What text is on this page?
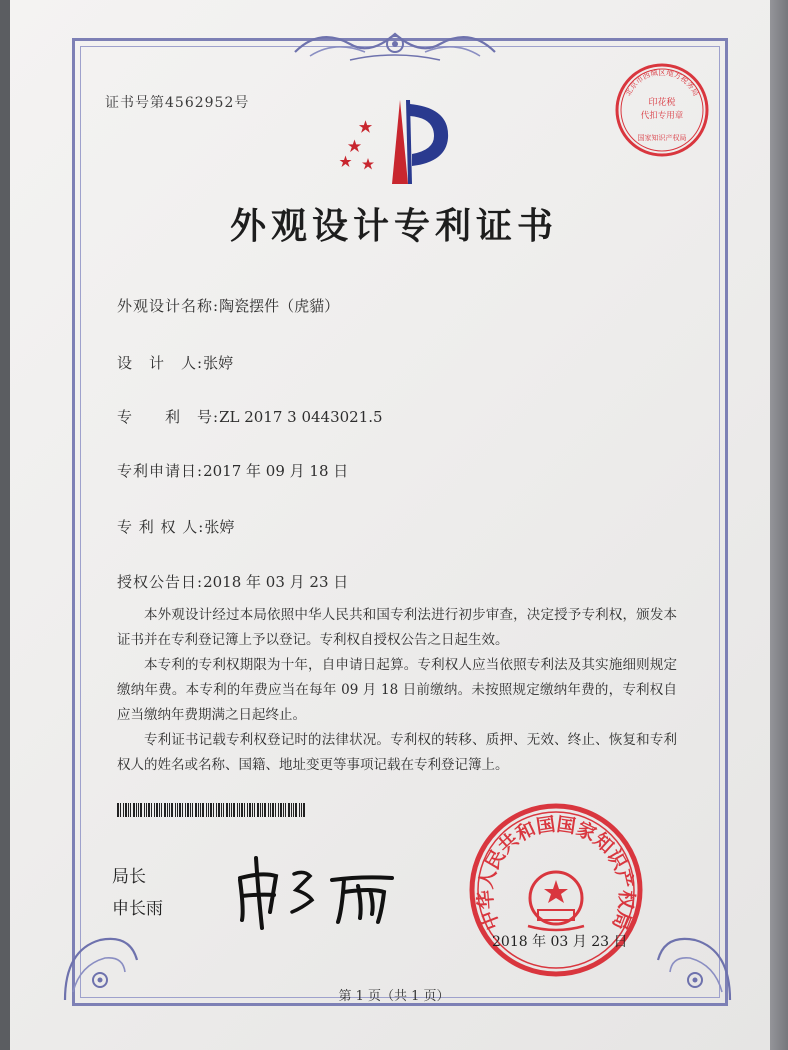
证书号第4562952号
外观设计专利证书
外观设计名称:陶瓷摆件（虎貓）
设　计　人:张婷
专　　利　号:ZL 2017 3 0443021.5
专利申请日:2017 年 09 月 18 日
专 利 权 人:张婷
授权公告日:2018 年 03 月 23 日

本外观设计经过本局依照中华人民共和国专利法进行初步审查，决定授予专利权，颁发本证书并在专利登记簿上予以登记。专利权自授权公告之日起生效。

本专利的专利权期限为十年，自申请日起算。专利权人应当依照专利法及其实施细则规定缴纳年费。本专利的年费应当在每年 09 月 18 日前缴纳。未按照规定缴纳年费的，专利权自应当缴纳年费期满之日起终止。

专利证书记载专利权登记时的法律状况。专利权的转移、质押、无效、终止、恢复和专利权人的姓名或名称、国籍、地址变更等事项记载在专利登记簿上。

局长
申长雨	中华人民共和国国家知识产权局
2018 年 03 月 23 日
北京市西城区地方税务局
印花税
代扣专用章
国家知识产权局
第 1 页（共 1 页）
